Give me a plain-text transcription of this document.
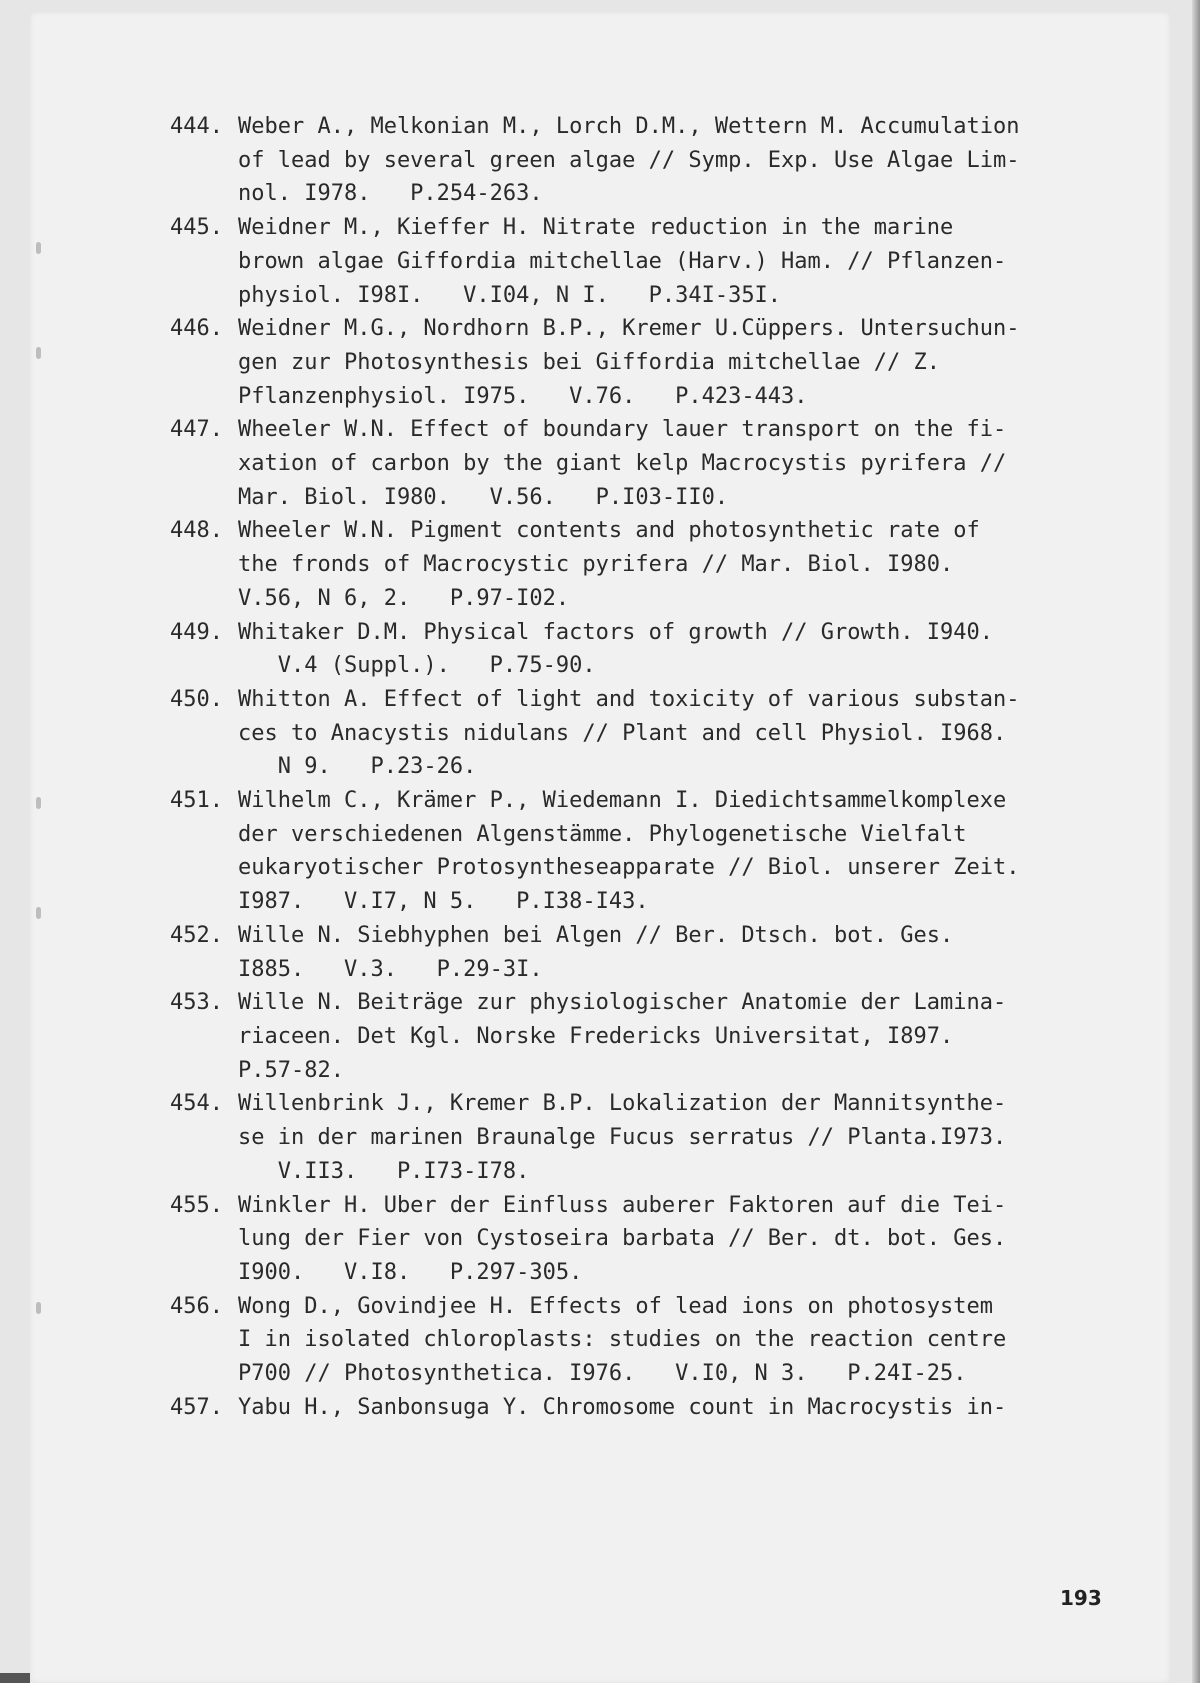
444. Weber A., Melkonian M., Lorch D.M., Wettern M. Accumulation
of lead by several green algae // Symp. Exp. Use Algae Lim-
nol. I978.   P.254-263.
445. Weidner M., Kieffer H. Nitrate reduction in the marine
brown algae Giffordia mitchellae (Harv.) Ham. // Pflanzen-
physiol. I98I.   V.I04, N I.   P.34I-35I.
446. Weidner M.G., Nordhorn B.P., Kremer U.Cüppers. Untersuchun-
gen zur Photosynthesis bei Giffordia mitchellae // Z.
Pflanzenphysiol. I975.   V.76.   P.423-443.
447. Wheeler W.N. Effect of boundary lauer transport on the fi-
xation of carbon by the giant kelp Macrocystis pyrifera //
Mar. Biol. I980.   V.56.   P.I03-II0.
448. Wheeler W.N. Pigment contents and photosynthetic rate of
the fronds of Macrocystic pyrifera // Mar. Biol. I980.
V.56, N 6, 2.   P.97-I02.
449. Whitaker D.M. Physical factors of growth // Growth. I940.
V.4 (Suppl.).   P.75-90.
450. Whitton A. Effect of light and toxicity of various substan-
ces to Anacystis nidulans // Plant and cell Physiol. I968.
N 9.   P.23-26.
451. Wilhelm C., Krämer P., Wiedemann I. Diedichtsammelkomplexe
der verschiedenen Algenstämme. Phylogenetische Vielfalt
eukaryotischer Protosyntheseapparate // Biol. unserer Zeit.
I987.   V.I7, N 5.   P.I38-I43.
452. Wille N. Siebhyphen bei Algen // Ber. Dtsch. bot. Ges.
I885.   V.3.   P.29-3I.
453. Wille N. Beiträge zur physiologischer Anatomie der Lamina-
riaceen. Det Kgl. Norske Fredericks Universitat, I897.
P.57-82.
454. Willenbrink J., Kremer B.P. Lokalization der Mannitsynthe-
se in der marinen Braunalge Fucus serratus // Planta.I973.
V.II3.   P.I73-I78.
455. Winkler H. Uber der Einfluss auberer Faktoren auf die Tei-
lung der Fier von Cystoseira barbata // Ber. dt. bot. Ges.
I900.   V.I8.   P.297-305.
456. Wong D., Govindjee H. Effects of lead ions on photosystem
I in isolated chloroplasts: studies on the reaction centre
P700 // Photosynthetica. I976.   V.I0, N 3.   P.24I-25.
457. Yabu H., Sanbonsuga Y. Chromosome count in Macrocystis in-
193
